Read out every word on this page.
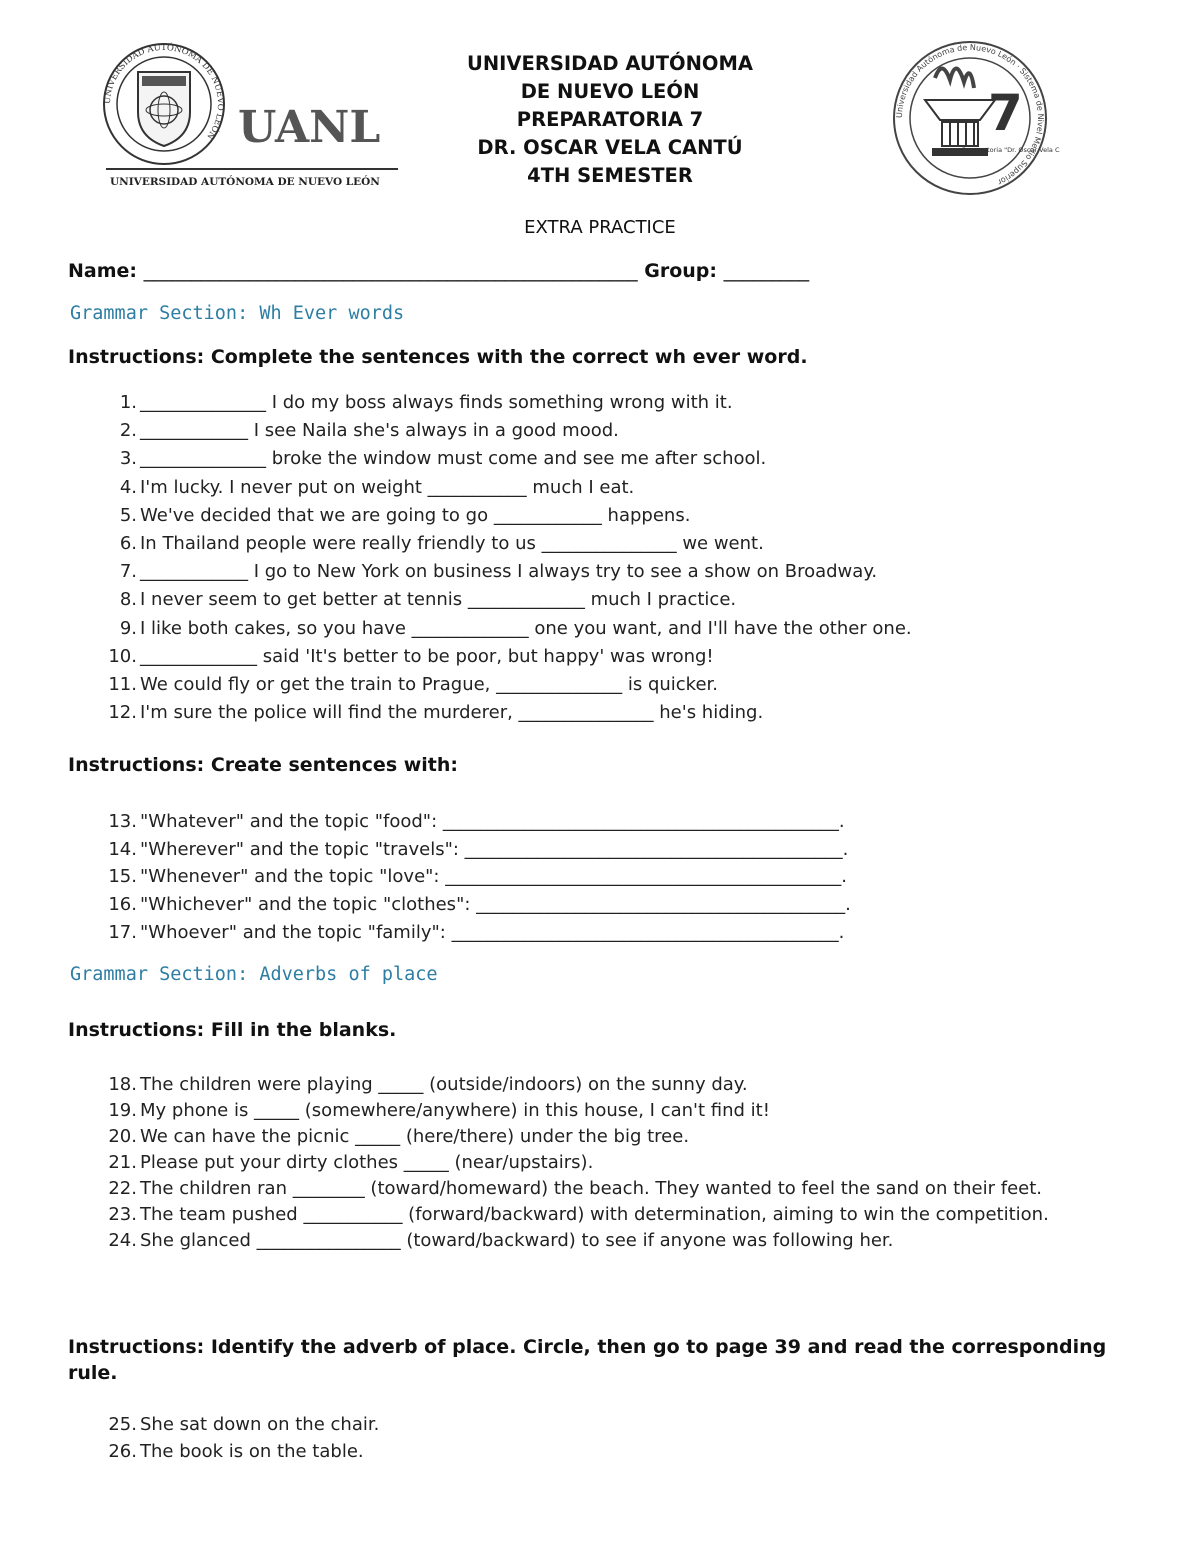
UNIVERSIDAD AUTÓNOMA DE NUEVO LEÓN UANL
UNIVERSIDAD AUTÓNOMA DE NUEVO LEÓN
UNIVERSIDAD AUTÓNOMA
DE NUEVO LEÓN
PREPARATORIA 7
DR. OSCAR VELA CANTÚ
4TH SEMESTER
Universidad Autónoma de Nuevo León · Sistema de Nivel Medio Superior
7
Preparatoria "Dr. Oscar Vela C
EXTRA PRACTICE
Name: ____________________________________________________ Group: _________
Grammar Section: Wh Ever words
Instructions: Complete the sentences with the correct wh ever word.
1. ______________ I do my boss always finds something wrong with it.
2. ____________ I see Naila she's always in a good mood.
3. ______________ broke the window must come and see me after school.
4. I'm lucky. I never put on weight ___________ much I eat.
5. We've decided that we are going to go ____________ happens.
6. In Thailand people were really friendly to us _______________ we went.
7. ____________ I go to New York on business I always try to see a show on Broadway.
8. I never seem to get better at tennis _____________ much I practice.
9. I like both cakes, so you have _____________ one you want, and I'll have the other one.
10. _____________ said 'It's better to be poor, but happy' was wrong!
11. We could fly or get the train to Prague, ______________ is quicker.
12. I'm sure the police will find the murderer, _______________ he's hiding.
Instructions: Create sentences with:
13. "Whatever" and the topic "food": ____________________________________________.
14. "Wherever" and the topic "travels": __________________________________________.
15. "Whenever" and the topic "love": ____________________________________________.
16. "Whichever" and the topic "clothes": _________________________________________.
17. "Whoever" and the topic "family": ___________________________________________.
Grammar Section: Adverbs of place
Instructions: Fill in the blanks.
18. The children were playing _____ (outside/indoors) on the sunny day.
19. My phone is _____ (somewhere/anywhere) in this house, I can't find it!
20. We can have the picnic _____ (here/there) under the big tree.
21. Please put your dirty clothes _____ (near/upstairs).
22. The children ran ________ (toward/homeward) the beach. They wanted to feel the sand on their feet.
23. The team pushed ___________ (forward/backward) with determination, aiming to win the competition.
24. She glanced ________________ (toward/backward) to see if anyone was following her.
Instructions: Identify the adverb of place. Circle, then go to page 39 and read the corresponding rule.
25. She sat down on the chair.
26. The book is on the table.
